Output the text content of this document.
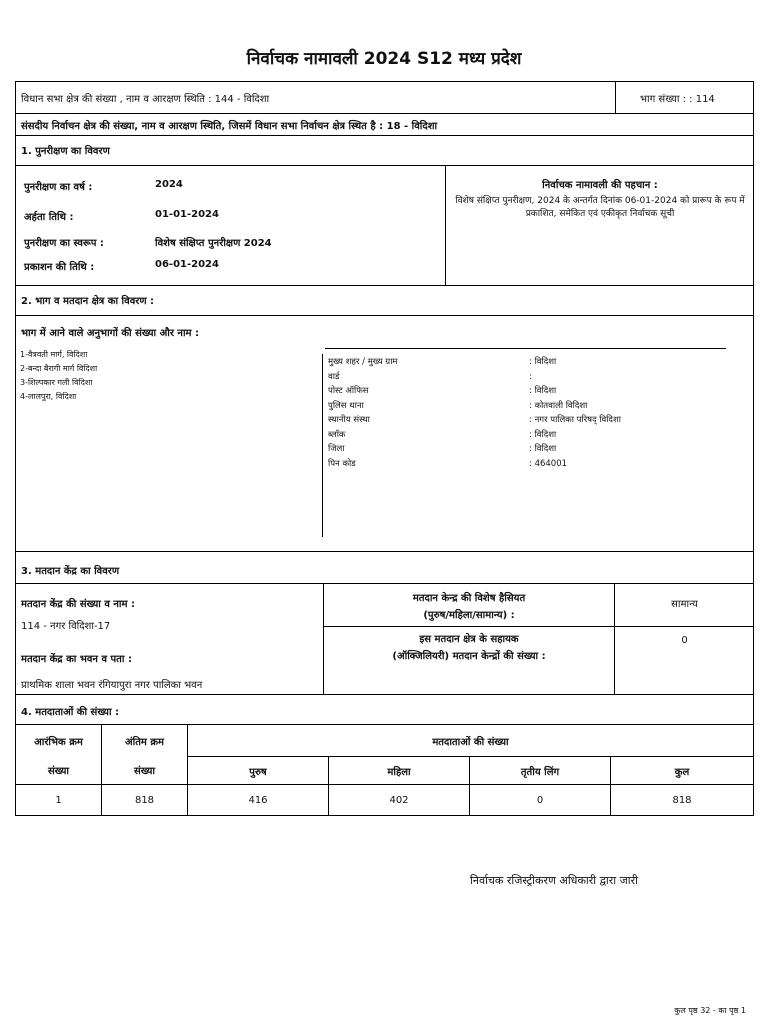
निर्वाचक नामावली 2024 S12 मध्य प्रदेश
विधान सभा क्षेत्र की संख्या , नाम व आरक्षण स्थिति : 144 - विदिशा	भाग संख्या : : 114
संसदीय निर्वाचन क्षेत्र की संख्या, नाम व आरक्षण स्थिति, जिसमें विधान सभा निर्वाचन क्षेत्र स्थित है : 18 - विदिशा
1. पुनरीक्षण का विवरण
पुनरीक्षण का वर्ष :	2024
अर्हता तिथि :	01-01-2024
पुनरीक्षण का स्वरूप :	विशेष संक्षिप्त पुनरीक्षण 2024
प्रकाशन की तिथि :	06-01-2024
निर्वाचक नामावली की पहचान :
विशेष संक्षिप्त पुनरीक्षण, 2024 के अन्तर्गत दिनांक 06-01-2024 को प्रारूप के रूप में प्रकाशित, समेकित एवं एकीकृत निर्वाचक सूची
2. भाग व मतदान क्षेत्र का विवरण :
भाग में आने वाले अनुभागों की संख्या और नाम :
1-वैत्रवती मार्ग, विदिशा
2-बन्दा बैरागी मार्ग विदिशा
3-शिल्पकार गली विदिशा
4-लालपुरा, विदिशा
मुख्य शहर / मुख्य ग्राम	: विदिशा
वार्ड	:
पोस्ट ऑफिस	: विदिशा
पुलिस थाना	: कोतवाली विदिशा
स्थानीय संस्था	: नगर पालिका परिषद् विदिशा
ब्लॉक	: विदिशा
जिला	: विदिशा
पिन कोड	: 464001
3. मतदान केंद्र का विवरण
मतदान केंद्र की संख्या व नाम :
114 - नगर विदिशा-17
मतदान केंद्र का भवन व पता :
प्राथमिक शाला भवन रंगियापुरा नगर पालिका भवन
मतदान केन्द्र की विशेष हैसियत
(पुरुष/महिला/सामान्य) :
सामान्य
इस मतदान क्षेत्र के सहायक
(ऑक्जिलियरी) मतदान केन्द्रों की संख्या :
0
4. मतदाताओं की संख्या :
आरंभिक क्रम	अंतिम क्रम	मतदाताओं की संख्या			
संख्या	संख्या	पुरुष	महिला	तृतीय लिंग	कुल
1	818	416	402	0	818
निर्वाचक रजिस्ट्रीकरण अधिकारी द्वारा जारी
कुल पृष्ठ 32 - का पृष्ठ 1
